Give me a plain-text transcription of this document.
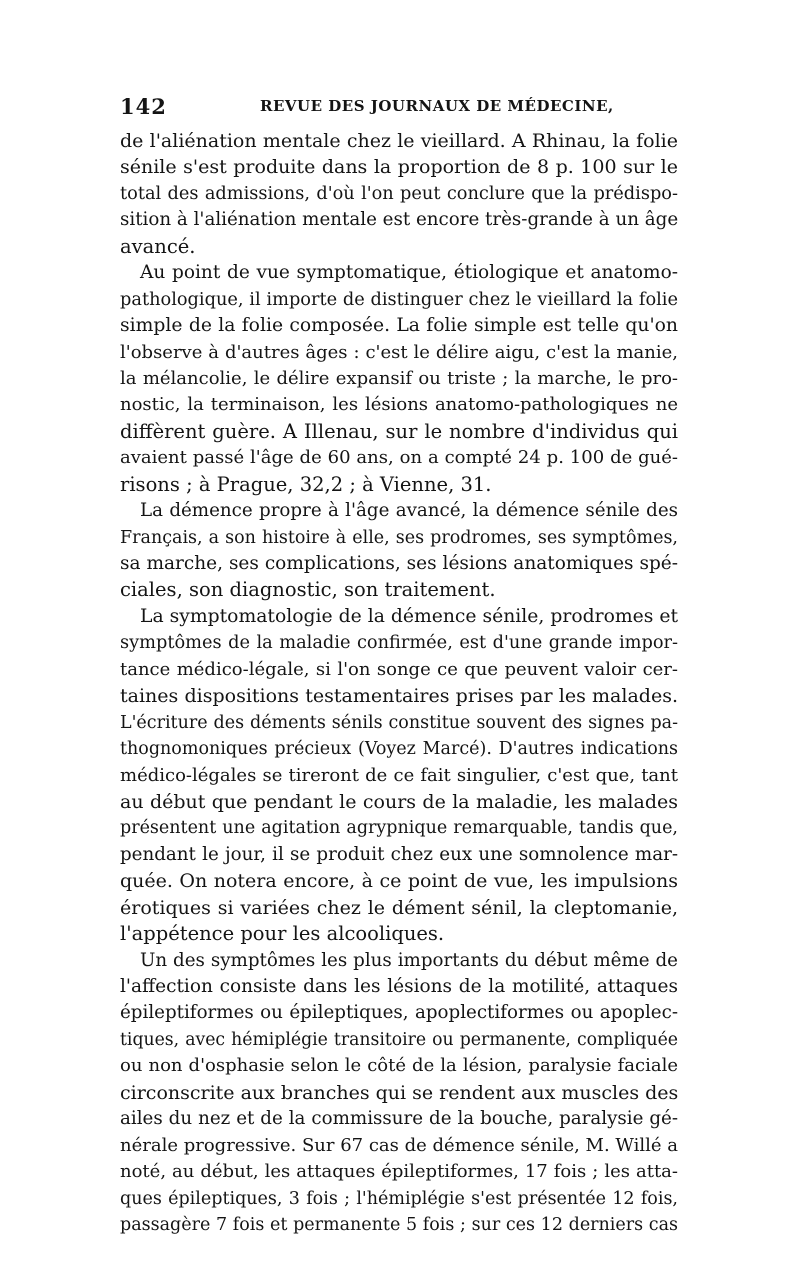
142	REVUE DES JOURNAUX DE MÉDECINE,
de l'aliénation mentale chez le vieillard. A Rhinau, la folie
sénile s'est produite dans la proportion de 8 p. 100 sur le
total des admissions, d'où l'on peut conclure que la prédispo-
sition à l'aliénation mentale est encore très-grande à un âge
avancé.
Au point de vue symptomatique, étiologique et anatomo-
pathologique, il importe de distinguer chez le vieillard la folie
simple de la folie composée. La folie simple est telle qu'on
l'observe à d'autres âges : c'est le délire aigu, c'est la manie,
la mélancolie, le délire expansif ou triste ; la marche, le pro-
nostic, la terminaison, les lésions anatomo-pathologiques ne
diffèrent guère. A Illenau, sur le nombre d'individus qui
avaient passé l'âge de 60 ans, on a compté 24 p. 100 de gué-
risons ; à Prague, 32,2 ; à Vienne, 31.
La démence propre à l'âge avancé, la démence sénile des
Français, a son histoire à elle, ses prodromes, ses symptômes,
sa marche, ses complications, ses lésions anatomiques spé-
ciales, son diagnostic, son traitement.
La symptomatologie de la démence sénile, prodromes et
symptômes de la maladie confirmée, est d'une grande impor-
tance médico-légale, si l'on songe ce que peuvent valoir cer-
taines dispositions testamentaires prises par les malades.
L'écriture des déments sénils constitue souvent des signes pa-
thognomoniques précieux (Voyez Marcé). D'autres indications
médico-légales se tireront de ce fait singulier, c'est que, tant
au début que pendant le cours de la maladie, les malades
présentent une agitation agrypnique remarquable, tandis que,
pendant le jour, il se produit chez eux une somnolence mar-
quée. On notera encore, à ce point de vue, les impulsions
érotiques si variées chez le dément sénil, la cleptomanie,
l'appétence pour les alcooliques.
Un des symptômes les plus importants du début même de
l'affection consiste dans les lésions de la motilité, attaques
épileptiformes ou épileptiques, apoplectiformes ou apoplec-
tiques, avec hémiplégie transitoire ou permanente, compliquée
ou non d'osphasie selon le côté de la lésion, paralysie faciale
circonscrite aux branches qui se rendent aux muscles des
ailes du nez et de la commissure de la bouche, paralysie gé-
nérale progressive. Sur 67 cas de démence sénile, M. Willé a
noté, au début, les attaques épileptiformes, 17 fois ; les atta-
ques épileptiques, 3 fois ; l'hémiplégie s'est présentée 12 fois,
passagère 7 fois et permanente 5 fois ; sur ces 12 derniers cas
